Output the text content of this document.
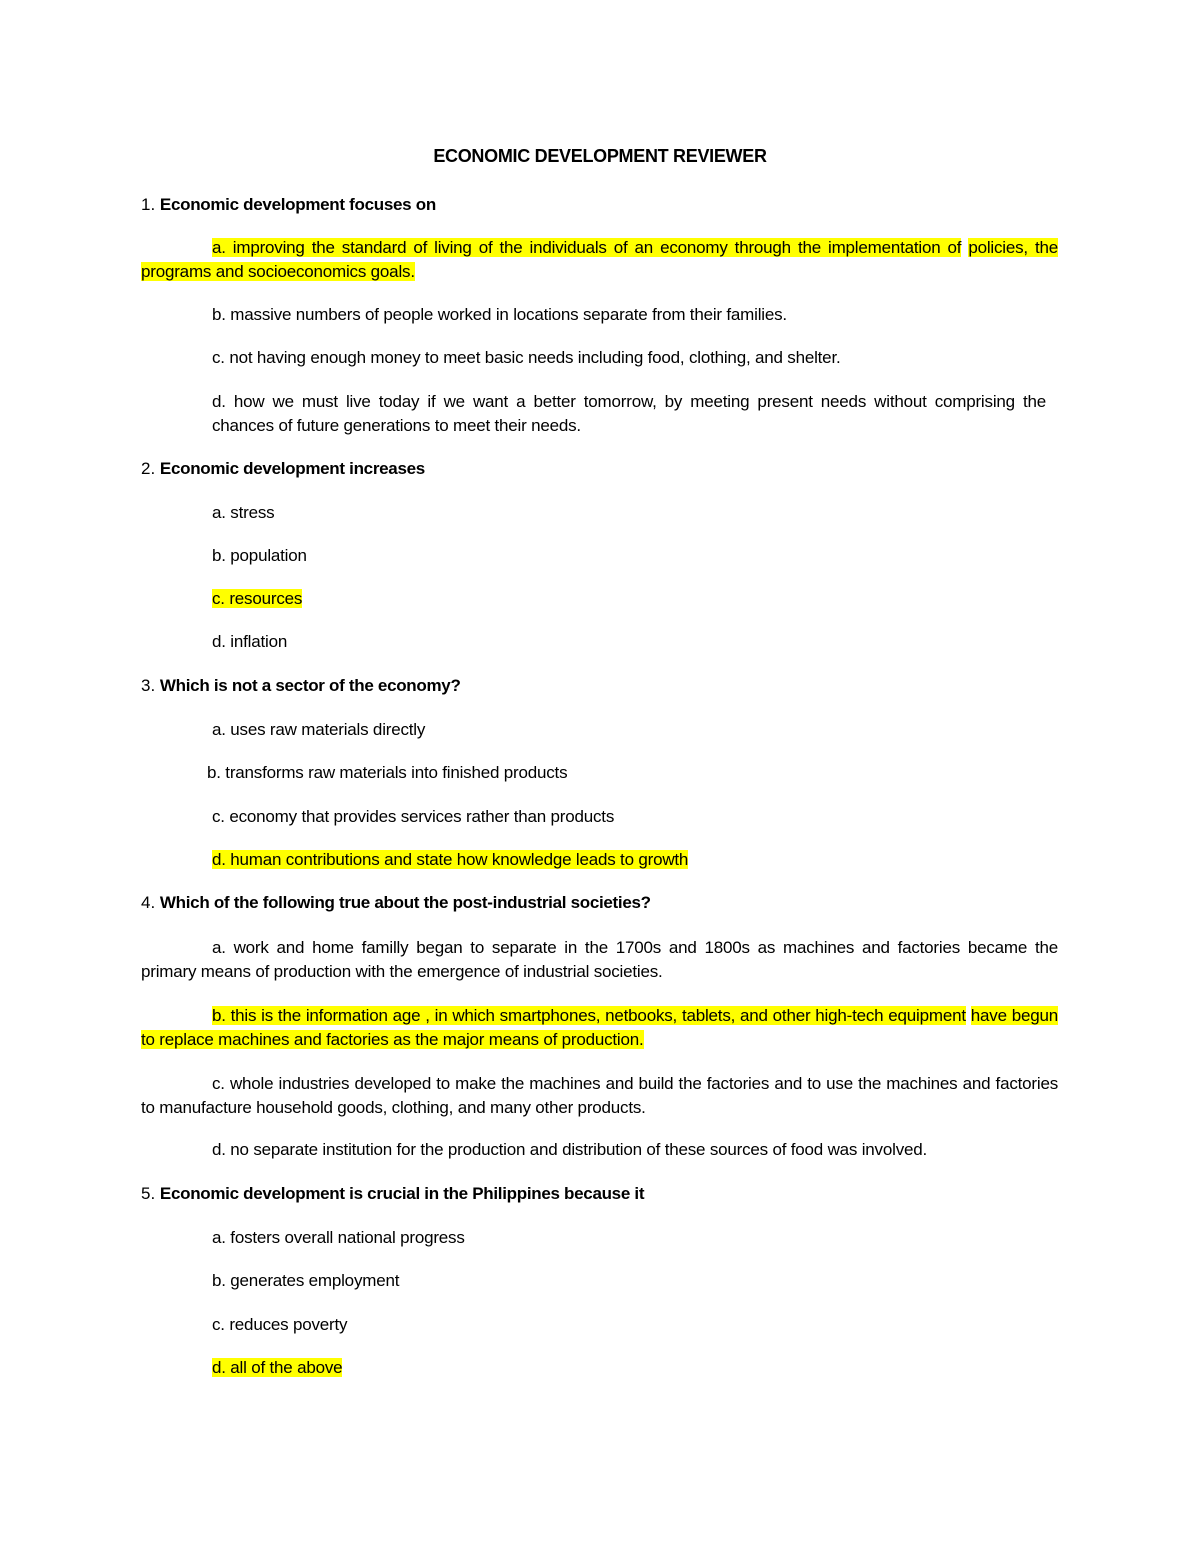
ECONOMIC DEVELOPMENT REVIEWER
1. Economic development focuses on
a. improving the standard of living of the individuals of an economy through the implementation of policies, the programs and socioeconomics goals.
b. massive numbers of people worked in locations separate from their families.
c. not having enough money to meet basic needs including food, clothing, and shelter.
d. how we must live today if we want a better tomorrow, by meeting present needs without comprising the chances of future generations to meet their needs.
2. Economic development increases
a. stress
b. population
c. resources
d. inflation
3. Which is not a sector of the economy?
a. uses raw materials directly
b. transforms raw materials into finished products
c. economy that provides services rather than products
d. human contributions and state how knowledge leads to growth
4. Which of the following true about the post-industrial societies?
a. work and home familly began to separate in the 1700s and 1800s as machines and factories became the primary means of production with the emergence of industrial societies.
b. this is the information age , in which smartphones, netbooks, tablets, and other high-tech equipment have begun to replace machines and factories as the major means of production.
c. whole industries developed to make the machines and build the factories and to use the machines and factories to manufacture household goods, clothing, and many other products.
d. no separate institution for the production and distribution of these sources of food was involved.
5. Economic development is crucial in the Philippines because it
a. fosters overall national progress
b. generates employment
c. reduces poverty
d. all of the above
